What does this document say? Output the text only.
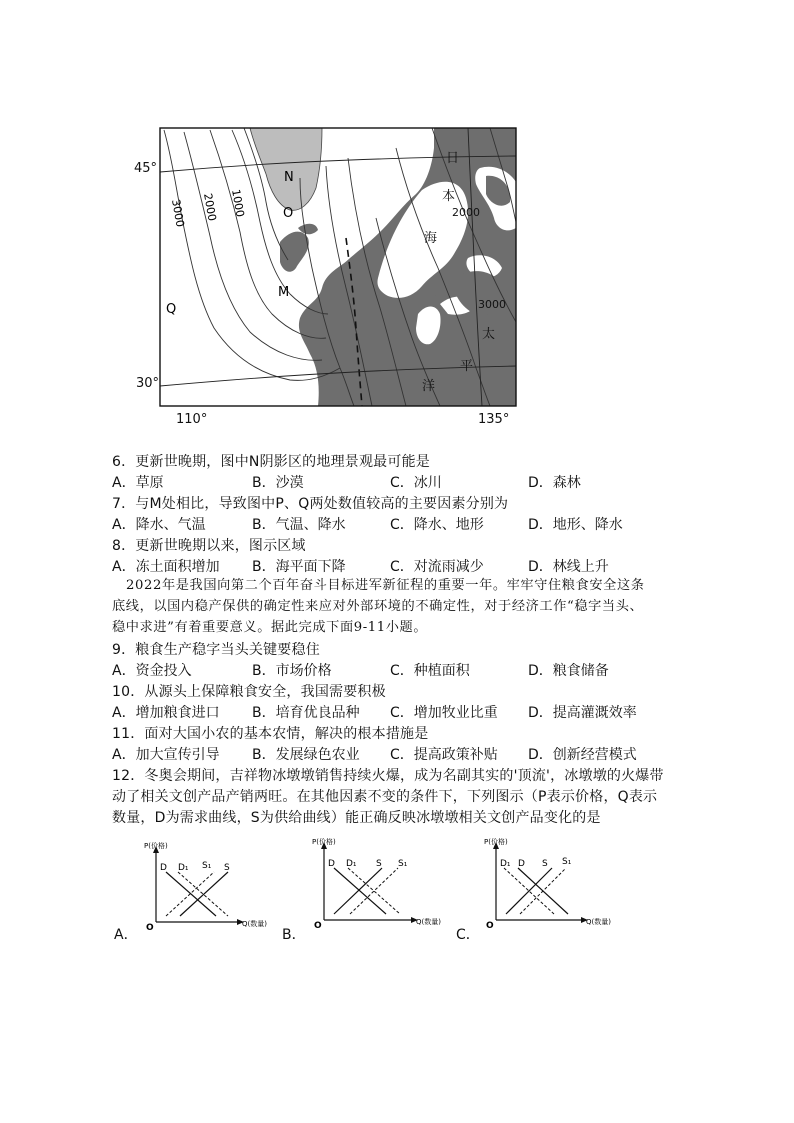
N
O
M
Q
3000 2000 1000
日
本
2000
海
3000
太
平
洋
45°
30°
110°	135°
6．更新世晚期，图中N阴影区的地理景观最可能是
A．草原	B．沙漠	C．冰川	D．森林
7．与M处相比，导致图中P、Q两处数值较高的主要因素分别为
A．降水、气温	B．气温、降水	C．降水、地形	D．地形、降水
8．更新世晚期以来，图示区域
A．冻土面积增加 B．海平面下降	C．对流雨减少	D．林线上升

2022年是我国向第二个百年奋斗目标进军新征程的重要一年。牢牢守住粮食安全这条

底线，以国内稳产保供的确定性来应对外部环境的不确定性，对于经济工作“稳字当头、

稳中求进”有着重要意义。据此完成下面9-11小题。

9．粮食生产稳字当头关键要稳住
A．资金投入	B．市场价格	C．种植面积	D．粮食储备
10．从源头上保障粮食安全，我国需要积极
A．增加粮食进口 B．培育优良品种 C．增加牧业比重 D．提高灌溉效率
11．面对大国小农的基本农情，解决的根本措施是
A．加大宣传引导 B．发展绿色农业 C．提高政策补贴 D．创新经营模式
12．冬奥会期间，吉祥物冰墩墩销售持续火爆，成为名副其实的'顶流'，冰墩墩的火爆带
动了相关文创产品产销两旺。在其他因素不变的条件下，下列图示（P表示价格，Q表示
数量，D为需求曲线，S为供给曲线）能正确反映冰墩墩相关文创产品变化的是
A．
P(价格)
Q(数量)
O
D D₁ S₁ S
B．
P(价格)
Q(数量)
O
D D₁ S S₁
C．
P(价格)
Q(数量)
O
D₁ D S S₁
